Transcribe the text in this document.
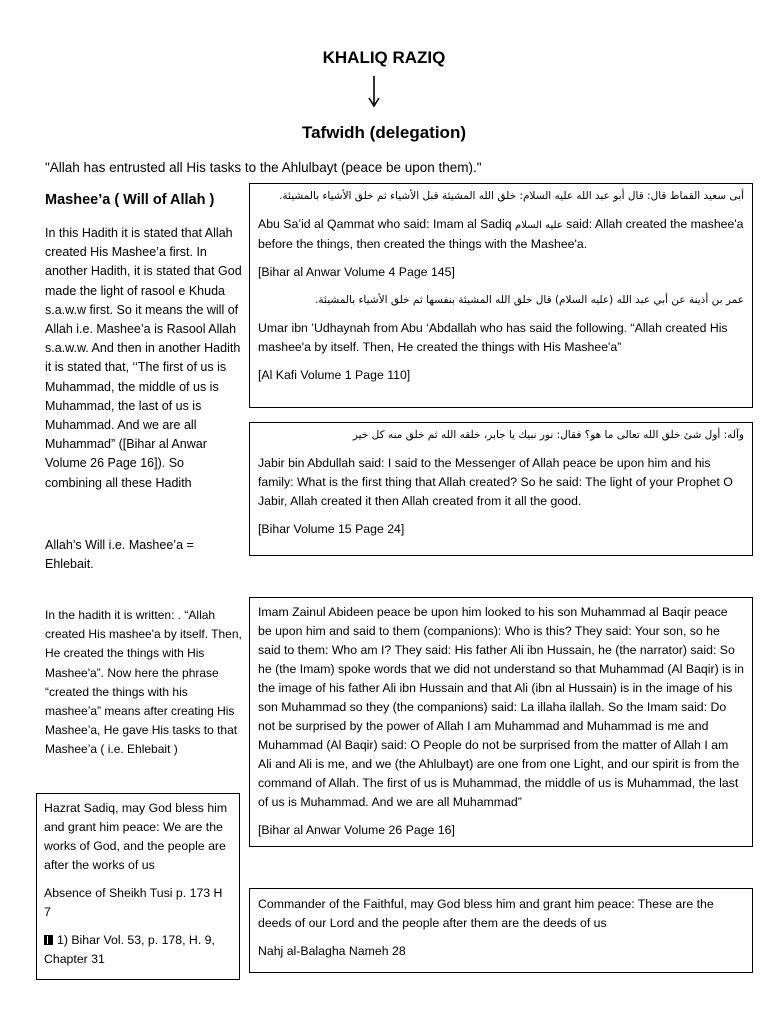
KHALIQ RAZIQ
Tafwidh (delegation)
"Allah has entrusted all His tasks to the Ahlulbayt (peace be upon them)."
Mashee’a ( Will of Allah )
In this Hadith it is stated that Allah created His Mashee’a first. In another Hadith, it is stated that God made the light of rasool e Khuda s.a.w.w first. So it means the will of Allah i.e. Mashee’a is Rasool Allah s.a.w.w. And then in another Hadith it is stated that, ‘‘The first of us is Muhammad, the middle of us is Muhammad, the last of us is Muhammad. And we are all Muhammad” ([Bihar al Anwar Volume 26 Page 16]). So combining all these Hadith
Allah’s Will i.e. Mashee’a = Ehlebait.
In the hadith it is written: . “Allah created His mashee'a by itself. Then, He created the things with His Mashee'a”. Now here the phrase “created the things with his mashee’a” means after creating His Mashee’a, He gave His tasks to that Mashee’a ( i.e. Ehlebait )

Hazrat Sadiq, may God bless him and grant him peace: We are the works of God, and the people are after the works of us

Absence of Sheikh Tusi p. 173 H 7

1) Bihar Vol. 53, p. 178, H. 9, Chapter 31

أبى سعيد القماط قال: قال أبو عبد الله عليه السلام: خلق الله المشيئة قبل الأشياء ثم خلق الأشياء بالمشيئة.

Abu Sa’id al Qammat who said: Imam al Sadiq عليه السلام said: Allah created the mashee'a before the things, then created the things with the Mashee'a.

[Bihar al Anwar Volume 4 Page 145]

عمر بن أذينة عن أبي عبد الله (عليه السلام) قال خلق الله المشيئة بنفسها ثم خلق الأشياء بالمشيئة.

Umar ibn ’Udhaynah from Abu ‘Abdallah who has said the following. “Allah created His mashee'a by itself. Then, He created the things with His Mashee'a”

[Al Kafi Volume 1 Page 110]

وآله: أول شئ خلق الله تعالى ما هو؟ فقال: نور نبيك يا جابر، خلقه الله ثم خلق منه كل خير

Jabir bin Abdullah said: I said to the Messenger of Allah peace be upon him and his family: What is the first thing that Allah created? So he said: The light of your Prophet O Jabir, Allah created it then Allah created from it all the good.

[Bihar Volume 15 Page 24]

Imam Zainul Abideen peace be upon him looked to his son Muhammad al Baqir peace be upon him and said to them (companions): Who is this? They said: Your son, so he said to them: Who am I? They said: His father Ali ibn Hussain, he (the narrator) said: So he (the Imam) spoke words that we did not understand so that Muhammad (Al Baqir) is in the image of his father Ali ibn Hussain and that Ali (ibn al Hussain) is in the image of his son Muhammad so they (the companions) said: La illaha ilallah. So the Imam said: Do not be surprised by the power of Allah I am Muhammad and Muhammad is me and Muhammad (Al Baqir) said: O People do not be surprised from the matter of Allah I am Ali and Ali is me, and we (the Ahlulbayt) are one from one Light, and our spirit is from the command of Allah. The first of us is Muhammad, the middle of us is Muhammad, the last of us is Muhammad. And we are all Muhammad”

[Bihar al Anwar Volume 26 Page 16]

Commander of the Faithful, may God bless him and grant him peace: These are the deeds of our Lord and the people after them are the deeds of us

Nahj al-Balagha Nameh 28
